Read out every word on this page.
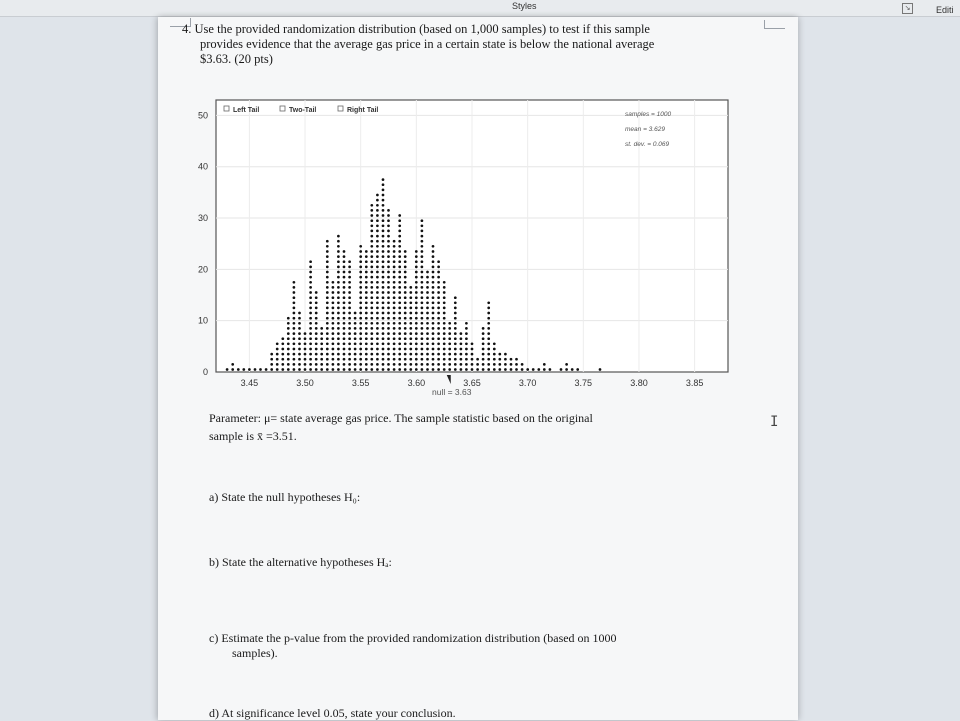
Styles	↘	Editi
4. Use the provided randomization distribution (based on 1,000 samples) to test if this sample
provides evidence that the average gas price in a certain state is below the national average
$3.63. (20 pts)
0
10
20
30
40
50
3.45	3.50	3.55	3.60	3.65	3.70	3.75	3.80	3.85
null = 3.63
Left Tail	Two-Tail	Right Tail
samples = 1000
mean = 3.629
st. dev. = 0.069
Parameter: μ= state average gas price. The sample statistic based on the original
sample is x̄ =3.51.
a) State the null hypotheses H₀:
b) State the alternative hypotheses Hₐ:
c) Estimate the p-value from the provided randomization distribution (based on 1000
samples).
d) At significance level 0.05, state your conclusion.
I
